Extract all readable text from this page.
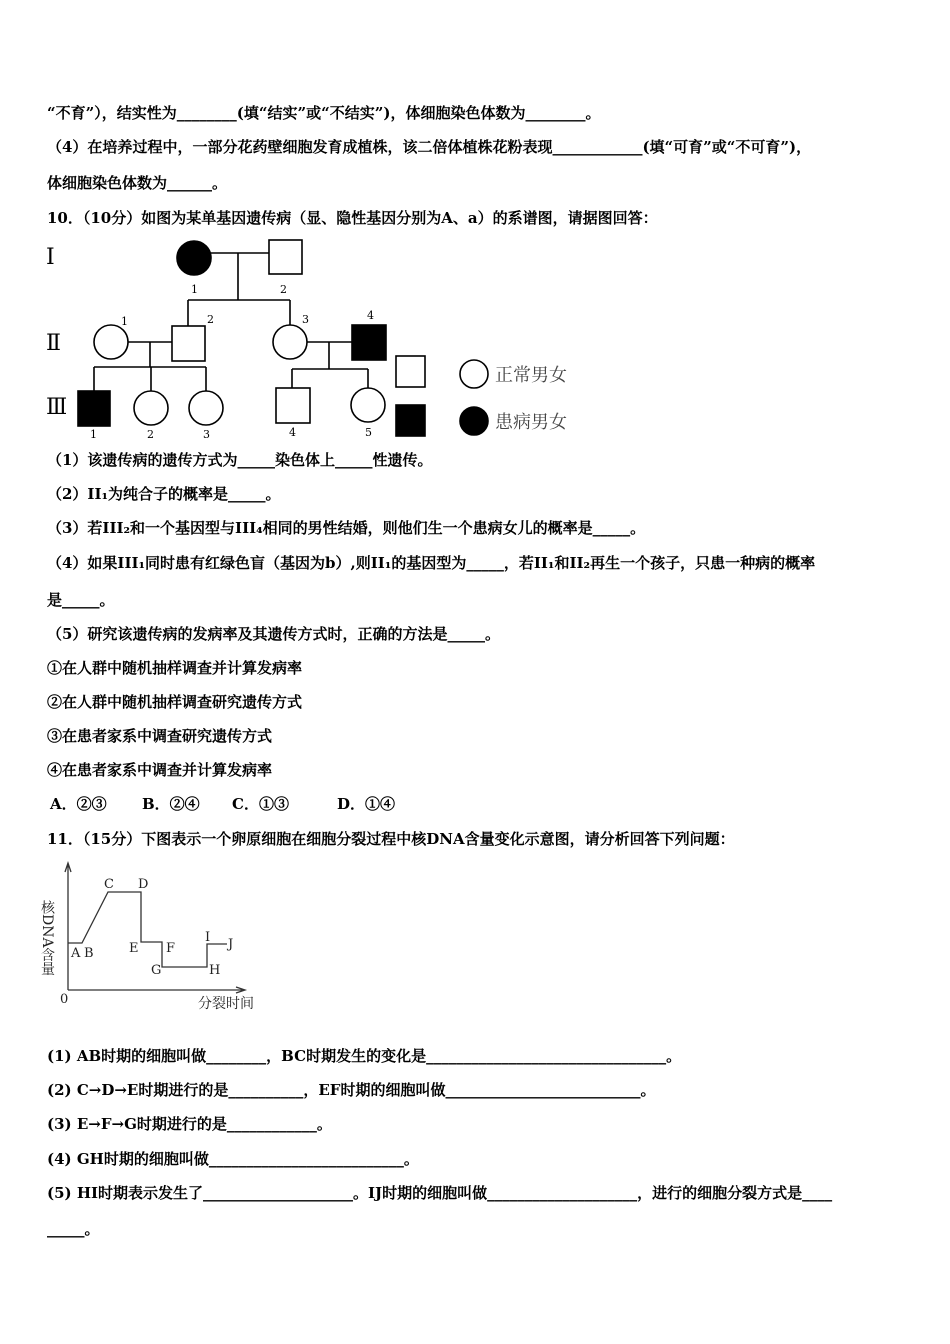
“不育”），结实性为________(填“结实”或“不结实”)，体细胞染色体数为________。
（4）在培养过程中，一部分花药壁细胞发育成植株，该二倍体植株花粉表现____________(填“可育”或“不可育”)，
体细胞染色体数为______。
10．（10分）如图为某单基因遗传病（显、隐性基因分别为A、a）的系谱图，请据图回答：
Ⅰ
Ⅱ
Ⅲ
1	2
1	2	3	4
1	2	3	4	5
正常男女
患病男女
（1）该遗传病的遗传方式为_____染色体上_____性遗传。
（2）II₁为纯合子的概率是_____。
（3）若III₂和一个基因型与III₄相同的男性结婚，则他们生一个患病女儿的概率是_____。
（4）如果III₁同时患有红绿色盲（基因为b）,则II₁的基因型为_____，若II₁和II₂再生一个孩子，只患一种病的概率
是_____。
（5）研究该遗传病的发病率及其遗传方式时，正确的方法是_____。
①在人群中随机抽样调查并计算发病率
②在人群中随机抽样调查研究遗传方式
③在患者家系中调查研究遗传方式
④在患者家系中调查并计算发病率
A．②③ B．②④ C．①③	D．①④
11．（15分）下图表示一个卵原细胞在细胞分裂过程中核DNA含量变化示意图，请分析回答下列问题：
核DNA含量
分裂时间
0
A B
C D
E F
G
I
H
J
(1) AB时期的细胞叫做________，BC时期发生的变化是________________________________。
(2) C→D→E时期进行的是__________，EF时期的细胞叫做__________________________。
(3) E→F→G时期进行的是____________。
(4) GH时期的细胞叫做__________________________。
(5) HI时期表示发生了____________________。IJ时期的细胞叫做____________________，进行的细胞分裂方式是____
_____。
